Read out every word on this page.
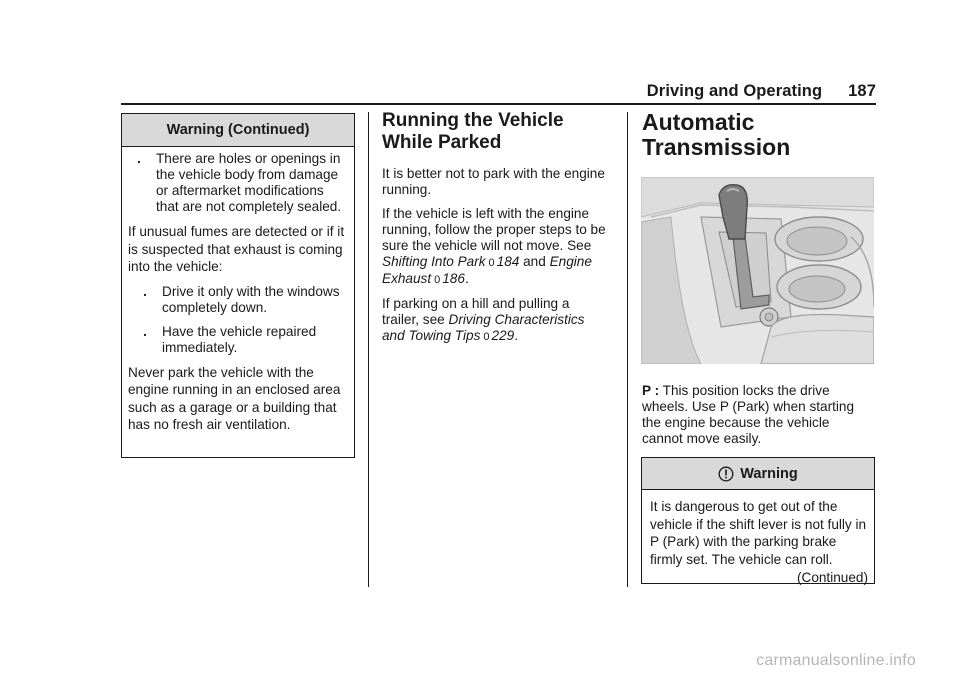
Driving and Operating 187
Warning (Continued)
.	There are holes or openings in the vehicle body from damage or aftermarket modifications that are not completely sealed.

If unusual fumes are detected or if it is suspected that exhaust is coming into the vehicle:

.	Drive it only with the windows completely down.
.	Have the vehicle repaired immediately.

Never park the vehicle with the engine running in an enclosed area such as a garage or a building that has no fresh air ventilation.

Running the Vehicle While Parked

It is better not to park with the engine running.

If the vehicle is left with the engine running, follow the proper steps to be sure the vehicle will not move. See Shifting Into Park 0 184 and Engine Exhaust 0 186.

If parking on a hill and pulling a trailer, see Driving Characteristics and Towing Tips 0 229.

Automatic Transmission

P : This position locks the drive wheels. Use P (Park) when starting the engine because the vehicle cannot move easily.

Warning

It is dangerous to get out of the vehicle if the shift lever is not fully in P (Park) with the parking brake firmly set. The vehicle can roll.

(Continued)
carmanualsonline.info
